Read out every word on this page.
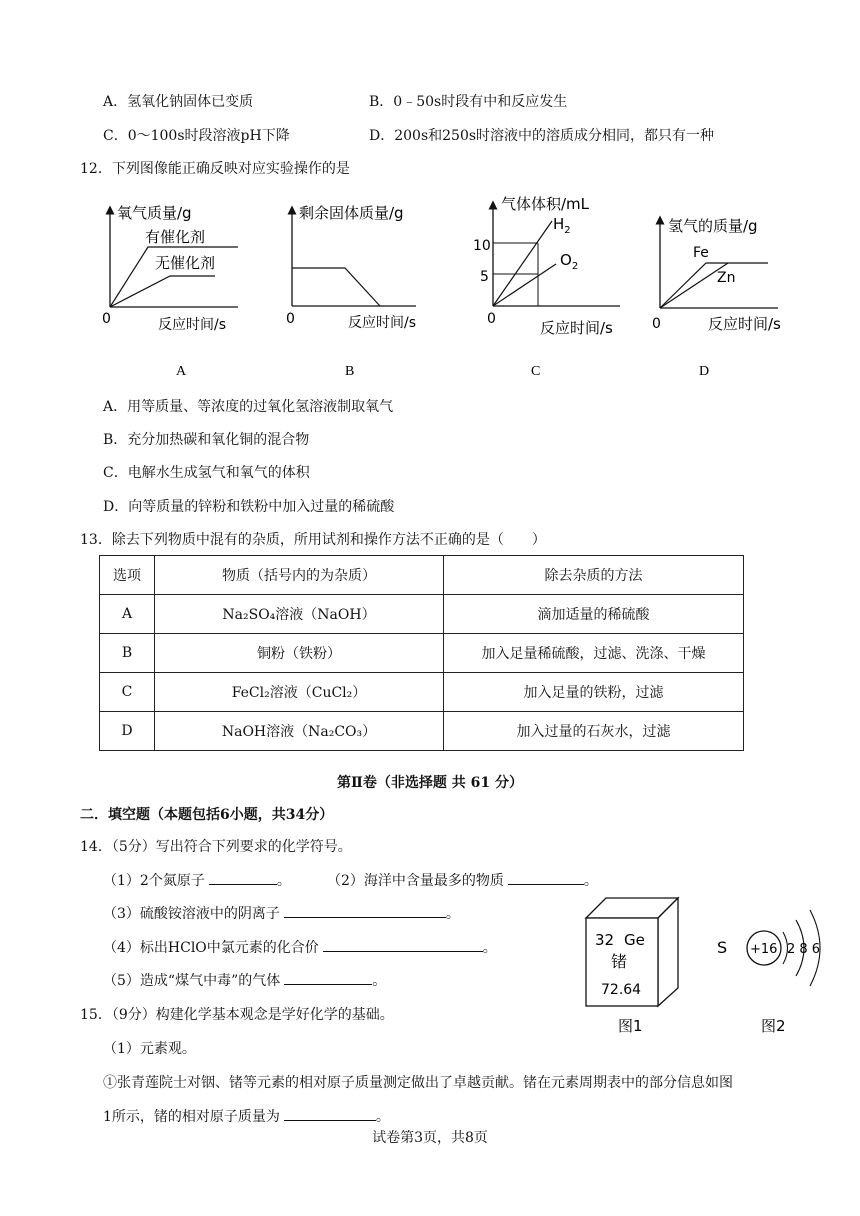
A．氢氧化钠固体已变质	B．0﹣50s时段有中和反应发生
C．0～100s时段溶液pH下降	D．200s和250s时溶液中的溶质成分相同，都只有一种
12．下列图像能正确反映对应实验操作的是
氧气质量/g
有催化剂
无催化剂
0	反应时间/s
A
剩余固体质量/g
0	反应时间/s
B
气体体积/mL
10
5
$H_2$
$O_2$
0	反应时间/s
C
氢气的质量/g
Fe
Zn
0	反应时间/s
D
A．用等质量、等浓度的过氧化氢溶液制取氧气
B．充分加热碳和氧化铜的混合物
C．电解水生成氢气和氧气的体积
D．向等质量的锌粉和铁粉中加入过量的稀硫酸
13．除去下列物质中混有的杂质，所用试剂和操作方法不正确的是（　　）
选项	物质（括号内的为杂质）	除去杂质的方法
A	Na₂SO₄溶液（NaOH）	滴加适量的稀硫酸
B	铜粉（铁粉）	加入足量稀硫酸，过滤、洗涤、干燥
C	FeCl₂溶液（CuCl₂）	加入足量的铁粉，过滤
D	NaOH溶液（Na₂CO₃）	加入过量的石灰水，过滤
第Ⅱ卷（非选择题 共 61 分）
二．填空题（本题包括6小题，共34分）
14．（5分）写出符合下列要求的化学符号。
（1）2个氮原子	。	（2）海洋中含量最多的物质	。
（3）硫酸铵溶液中的阴离子	。
（4）标出HClO中氯元素的化合价	。
（5）造成“煤气中毒”的气体	。
32 Ge
锗
72.64
图1
S +16 2 8 6
图2
15．（9分）构建化学基本观念是学好化学的基础。
（1）元素观。
①张青莲院士对铟、锗等元素的相对原子质量测定做出了卓越贡献。锗在元素周期表中的部分信息如图
1所示，锗的相对原子质量为	。
试卷第3页，共8页
